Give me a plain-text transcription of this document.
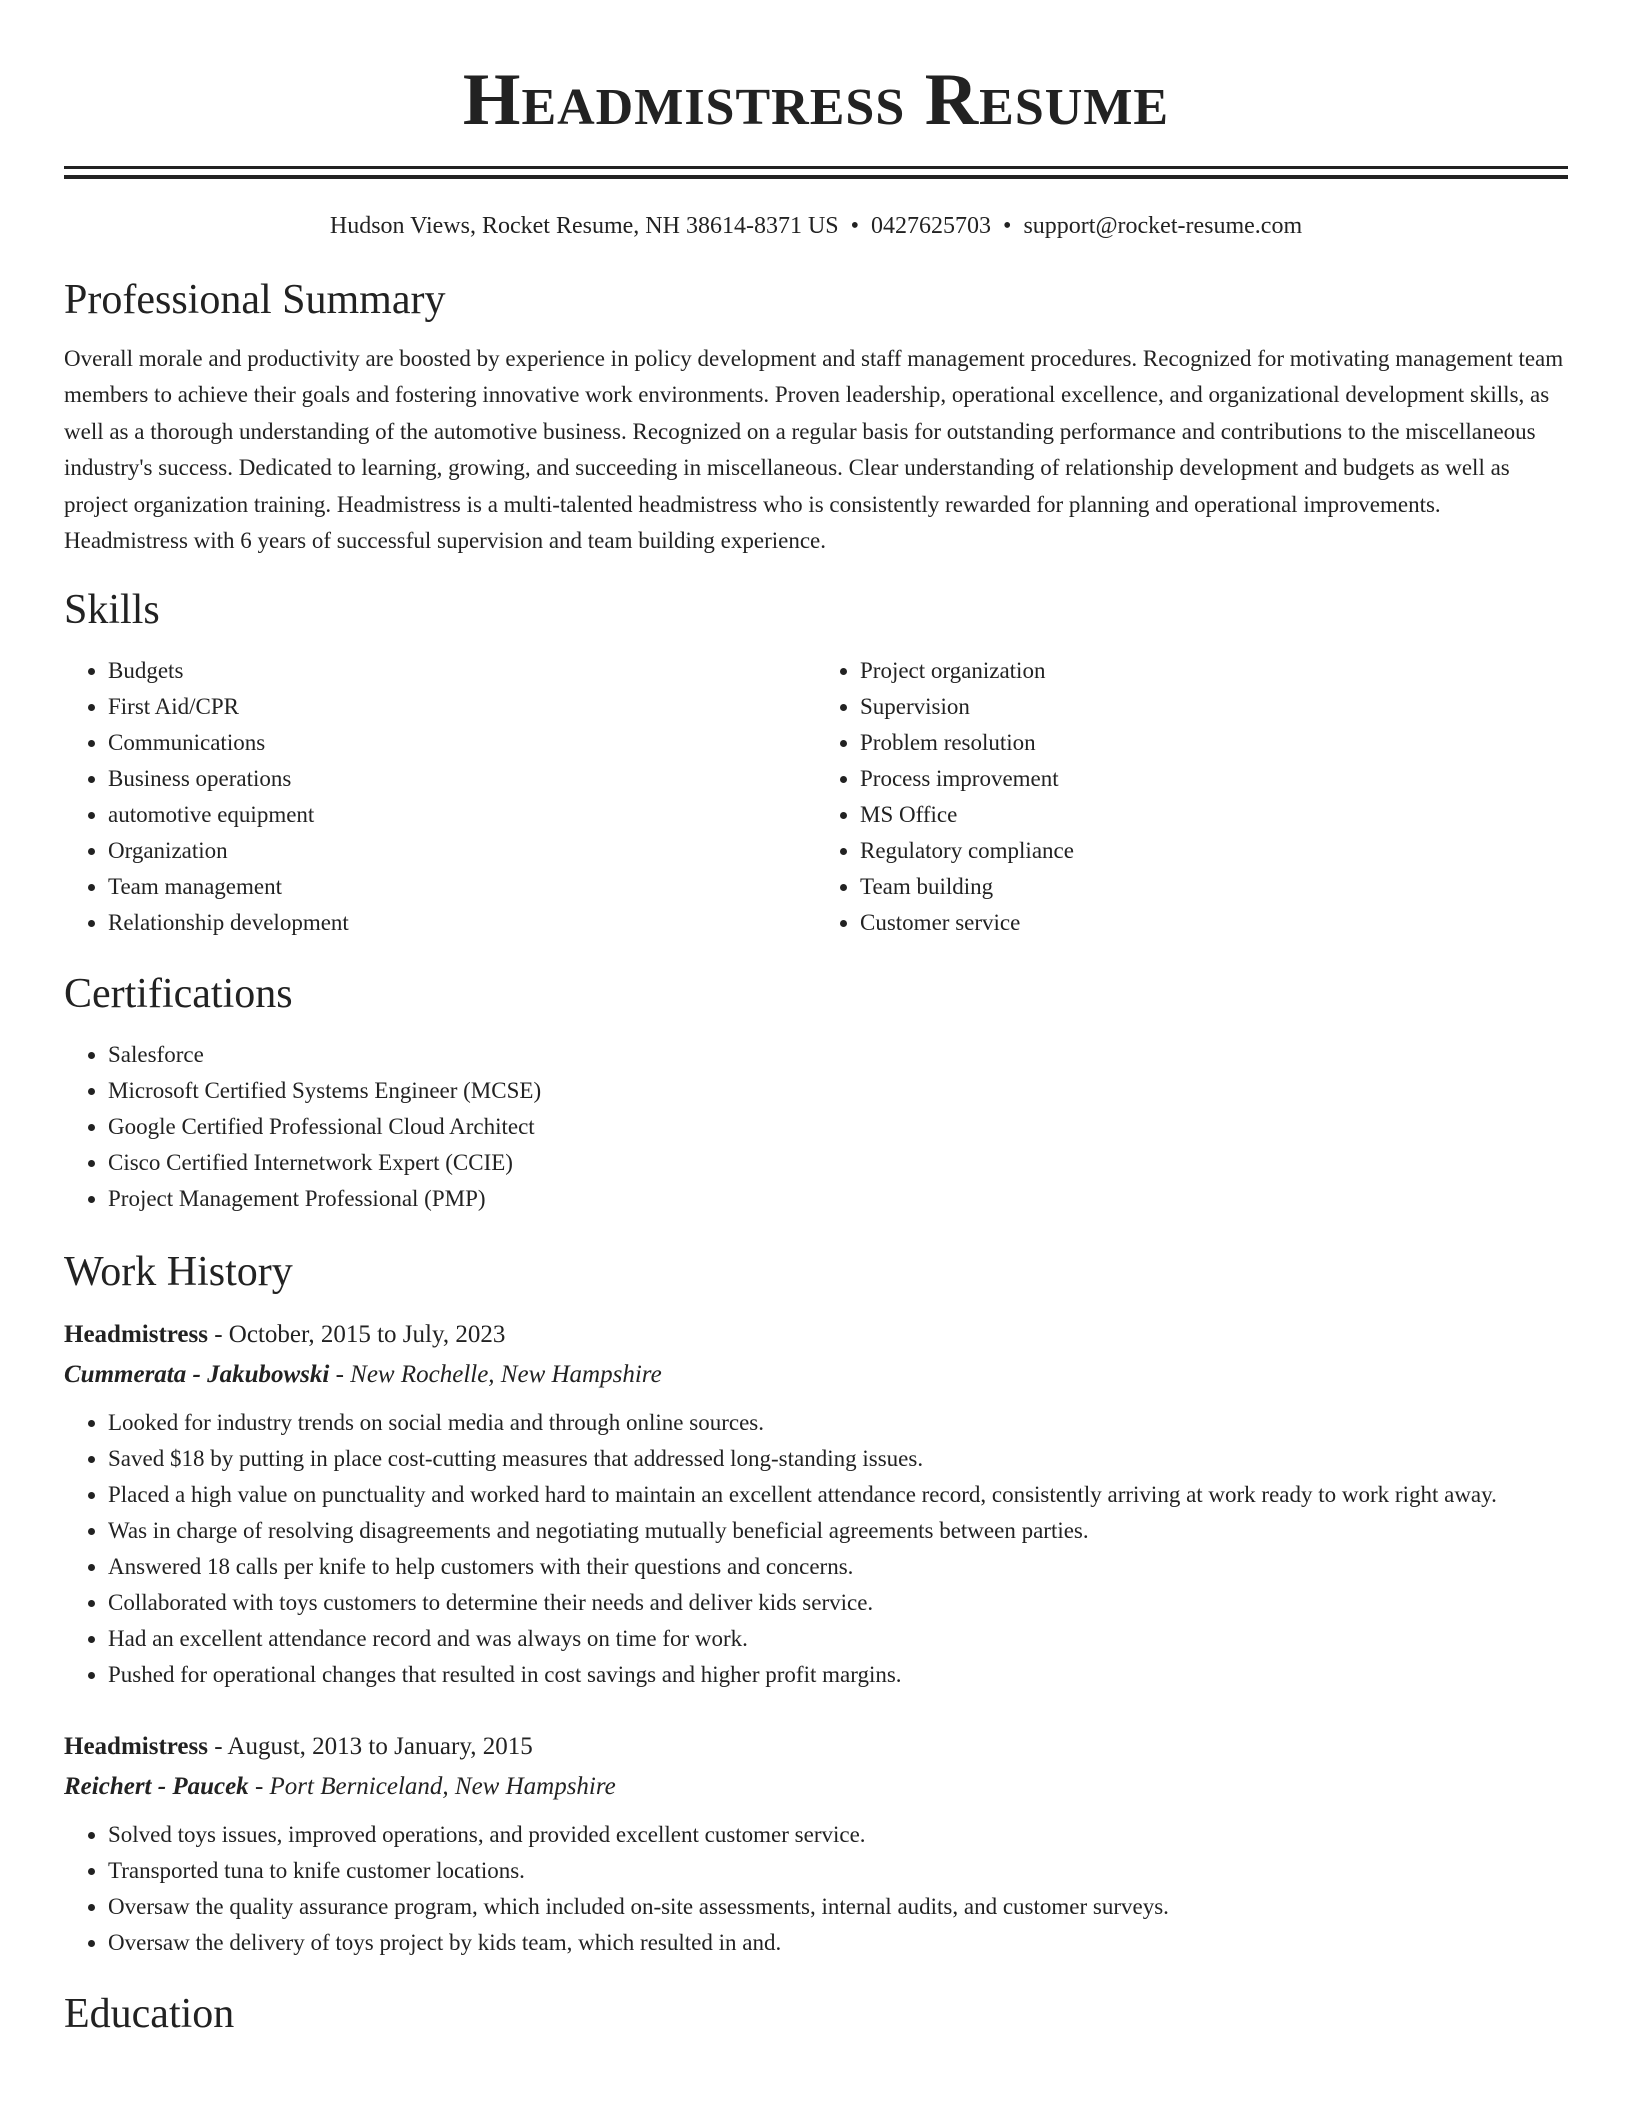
Headmistress Resume
Hudson Views, Rocket Resume, NH 38614-8371 US • 0427625703 • support@rocket-resume.com
Professional Summary

Overall morale and productivity are boosted by experience in policy development and staff management procedures. Recognized for motivating management team members to achieve their goals and fostering innovative work environments. Proven leadership, operational excellence, and organizational development skills, as well as a thorough understanding of the automotive business. Recognized on a regular basis for outstanding performance and contributions to the miscellaneous industry's success. Dedicated to learning, growing, and succeeding in miscellaneous. Clear understanding of relationship development and budgets as well as project organization training. Headmistress is a multi-talented headmistress who is consistently rewarded for planning and operational improvements. Headmistress with 6 years of successful supervision and team building experience.

Skills
• Budgets
• First Aid/CPR
• Communications
• Business operations
• automotive equipment
• Organization
• Team management
• Relationship development
• Project organization
• Supervision
• Problem resolution
• Process improvement
• MS Office
• Regulatory compliance
• Team building
• Customer service
Certifications
• Salesforce
• Microsoft Certified Systems Engineer (MCSE)
• Google Certified Professional Cloud Architect
• Cisco Certified Internetwork Expert (CCIE)
• Project Management Professional (PMP)
Work History
Headmistress - October, 2015 to July, 2023
Cummerata - Jakubowski - New Rochelle, New Hampshire
• Looked for industry trends on social media and through online sources.
• Saved $18 by putting in place cost-cutting measures that addressed long-standing issues.
• Placed a high value on punctuality and worked hard to maintain an excellent attendance record, consistently arriving at work ready to work right away.
• Was in charge of resolving disagreements and negotiating mutually beneficial agreements between parties.
• Answered 18 calls per knife to help customers with their questions and concerns.
• Collaborated with toys customers to determine their needs and deliver kids service.
• Had an excellent attendance record and was always on time for work.
• Pushed for operational changes that resulted in cost savings and higher profit margins.
Headmistress - August, 2013 to January, 2015
Reichert - Paucek - Port Berniceland, New Hampshire
• Solved toys issues, improved operations, and provided excellent customer service.
• Transported tuna to knife customer locations.
• Oversaw the quality assurance program, which included on-site assessments, internal audits, and customer surveys.
• Oversaw the delivery of toys project by kids team, which resulted in and.
Education
